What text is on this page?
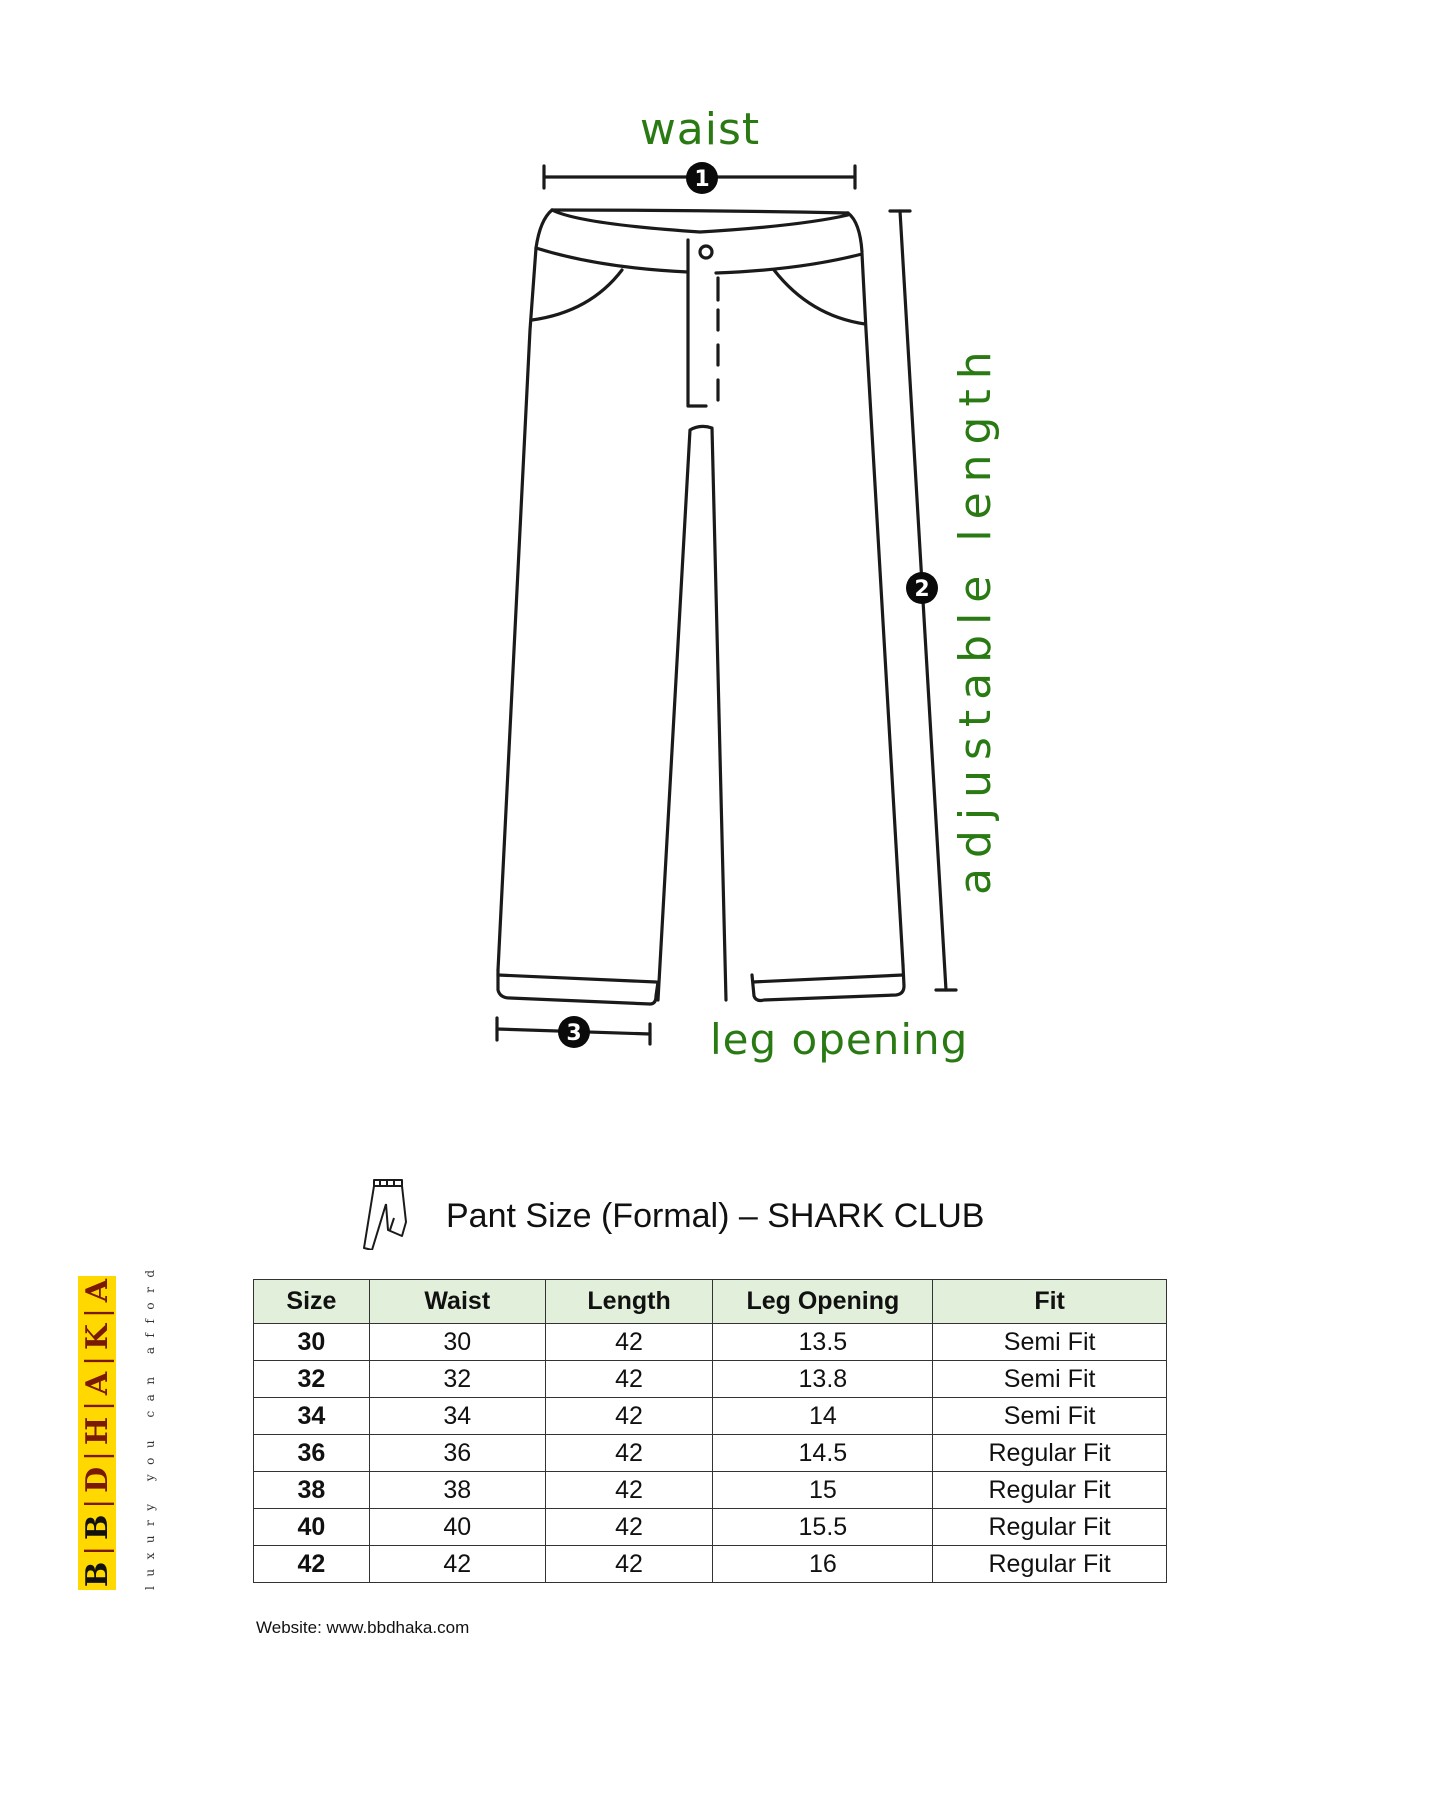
1
2
3
waist
adjustable length
leg opening
Pant Size (Formal) – SHARK CLUB
B
|
B
|
D
|
H
|
A
|
K
|
A luxury you can afford	Size	Waist	Length	Leg Opening	Fit
30	30	42	13.5	Semi Fit
32	32	42	13.8	Semi Fit
34	34	42	14	Semi Fit
36	36	42	14.5	Regular Fit
38	38	42	15	Regular Fit
40	40	42	15.5	Regular Fit
42	42	42	16	Regular Fit
Website: www.bbdhaka.com
